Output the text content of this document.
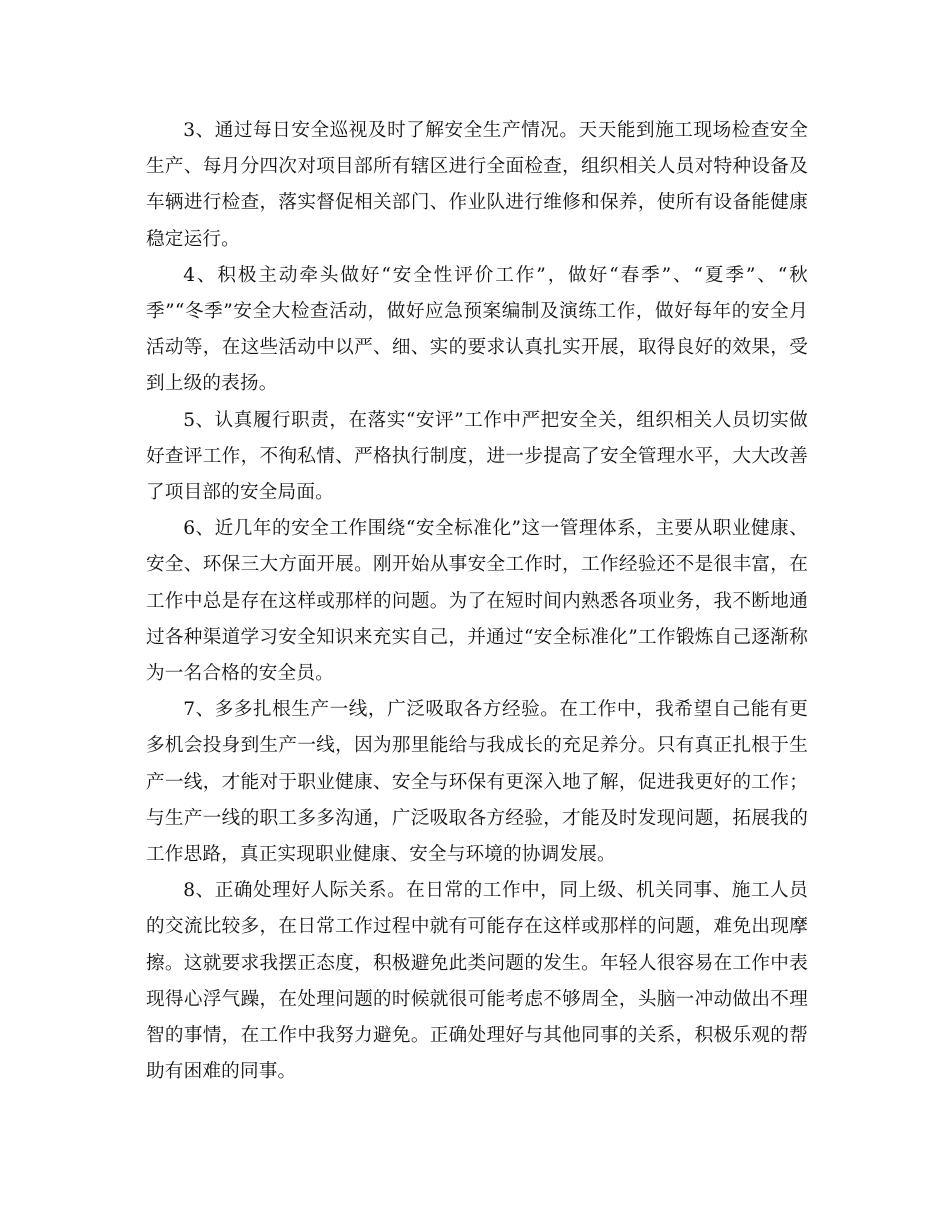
3、通过每日安全巡视及时了解安全生产情况。天天能到施工现场检查安全生产、每月分四次对项目部所有辖区进行全面检查，组织相关人员对特种设备及车辆进行检查，落实督促相关部门、作业队进行维修和保养，使所有设备能健康稳定运行。

4、积极主动牵头做好“安全性评价工作”，做好“春季”、“夏季”、“秋季”“冬季”安全大检查活动，做好应急预案编制及演练工作，做好每年的安全月活动等，在这些活动中以严、细、实的要求认真扎实开展，取得良好的效果，受到上级的表扬。

5、认真履行职责，在落实“安评”工作中严把安全关，组织相关人员切实做好查评工作，不徇私情、严格执行制度，进一步提高了安全管理水平，大大改善了项目部的安全局面。

6、近几年的安全工作围绕“安全标准化”这一管理体系，主要从职业健康、安全、环保三大方面开展。刚开始从事安全工作时，工作经验还不是很丰富，在工作中总是存在这样或那样的问题。为了在短时间内熟悉各项业务，我不断地通过各种渠道学习安全知识来充实自己，并通过“安全标准化”工作锻炼自己逐渐称为一名合格的安全员。

7、多多扎根生产一线，广泛吸取各方经验。在工作中，我希望自己能有更多机会投身到生产一线，因为那里能给与我成长的充足养分。只有真正扎根于生产一线，才能对于职业健康、安全与环保有更深入地了解，促进我更好的工作；与生产一线的职工多多沟通，广泛吸取各方经验，才能及时发现问题，拓展我的工作思路，真正实现职业健康、安全与环境的协调发展。

8、正确处理好人际关系。在日常的工作中，同上级、机关同事、施工人员的交流比较多，在日常工作过程中就有可能存在这样或那样的问题，难免出现摩擦。这就要求我摆正态度，积极避免此类问题的发生。年轻人很容易在工作中表现得心浮气躁，在处理问题的时候就很可能考虑不够周全，头脑一冲动做出不理智的事情，在工作中我努力避免。正确处理好与其他同事的关系，积极乐观的帮助有困难的同事。
